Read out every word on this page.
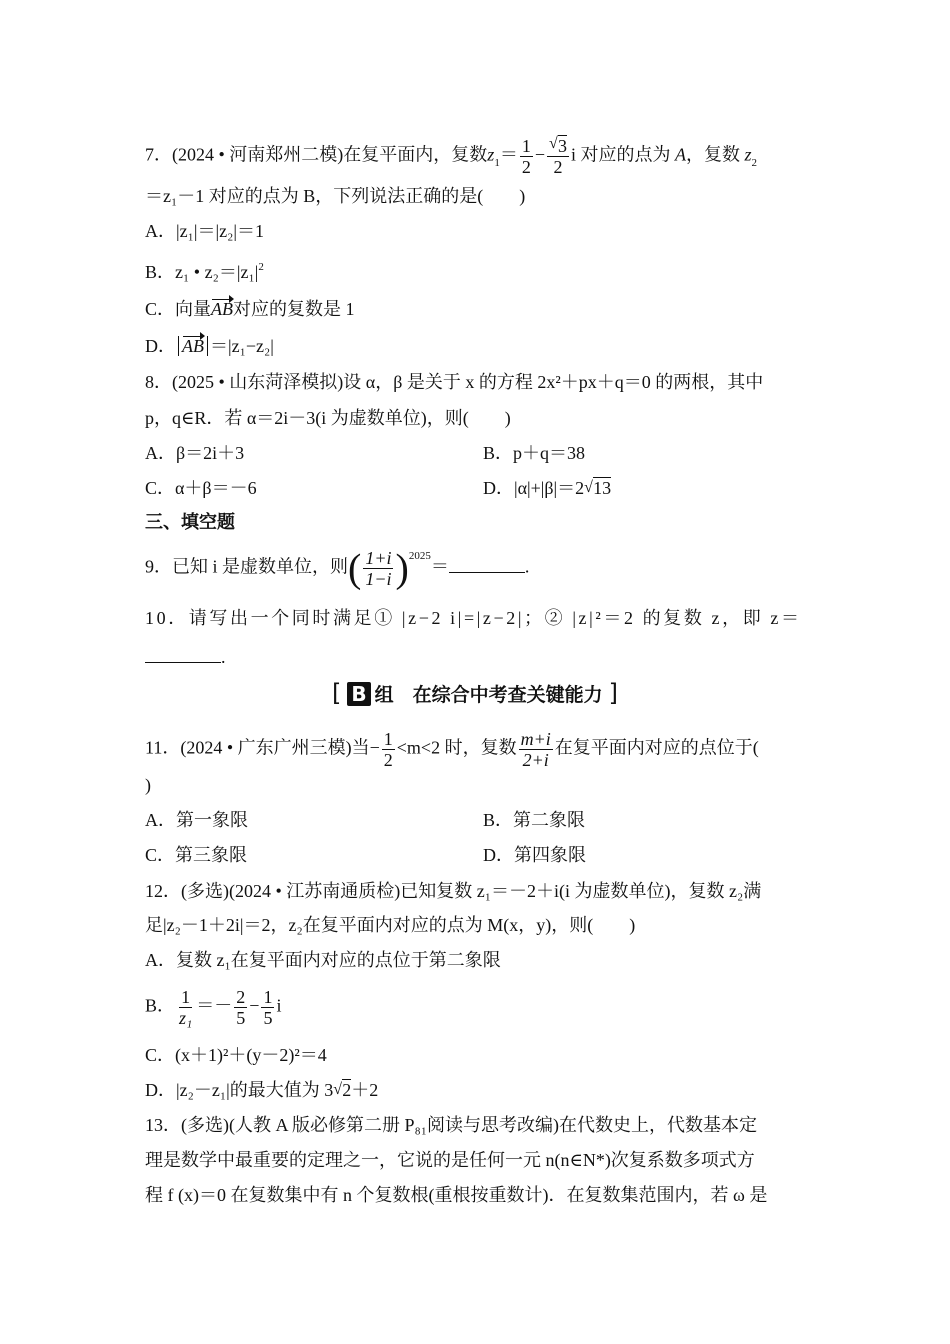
7．(2024 • 河南郑州二模)在复平面内，复数$z_1= \frac{1}{2} - \frac{√ 3}{2}$ i 对应的点为 A，复数 $z_2$
＝z₁－1 对应的点为 B，下列说法正确的是(　　)
A．|z₁|＝|z₂|＝1
B．z₁ • $z_2=|z_1|^2$
C．向量AB对应的复数是 1
D． AB ＝|z₁−z₂|
8．(2025 • 山东菏泽模拟)设 α，β 是关于 x 的方程 2x²＋px＋q＝0 的两根，其中
p，q∈R．若 α＝2i－3(i 为虚数单位)，则(　　)
A．β＝2i＋3	B．p＋q＝38
C．α＋β＝－6	D．|α|+|β|＝2 √ 13
三、填空题
9．已知 i 是虚数单位，则( $\frac{1+i}{1-i} )^{2025}=$	.
10．请写出一个同时满足① |z−2 i|=|z−2|；② |z|²＝2 的复数 z，即 z＝
.
[ B 组　在综合中考查关键能力 ]
11．(2024 • 广东广州三模)当− $\frac{1}{2} <m<2$ 时，复数 $\frac{m+i}{2+i}$ 在复平面内对应的点位于(
)
A．第一象限	B．第二象限
C．第三象限	D．第四象限
12．(多选)(2024 • 江苏南通质检)已知复数 z₁＝－2＋i(i 为虚数单位)，复数 z₂满
足|z₂－1＋2i|＝2，z₂在复平面内对应的点为 M(x，y)，则(　　)
A．复数 z₁在复平面内对应的点位于第二象限
B． $\frac{1}{\text{z₁}} =- \frac{2}{5} - \frac{1}{5}$ i
C．(x＋1)²＋(y－2)²＝4
D．|z₂－z₁|的最大值为 3 √ 2＋2
13．(多选)(人教 A 版必修第二册 P₈₁阅读与思考改编)在代数史上，代数基本定
理是数学中最重要的定理之一，它说的是任何一元 n(n∈N*)次复系数多项式方
程 f (x)＝0 在复数集中有 n 个复数根(重根按重数计)．在复数集范围内，若 ω 是
